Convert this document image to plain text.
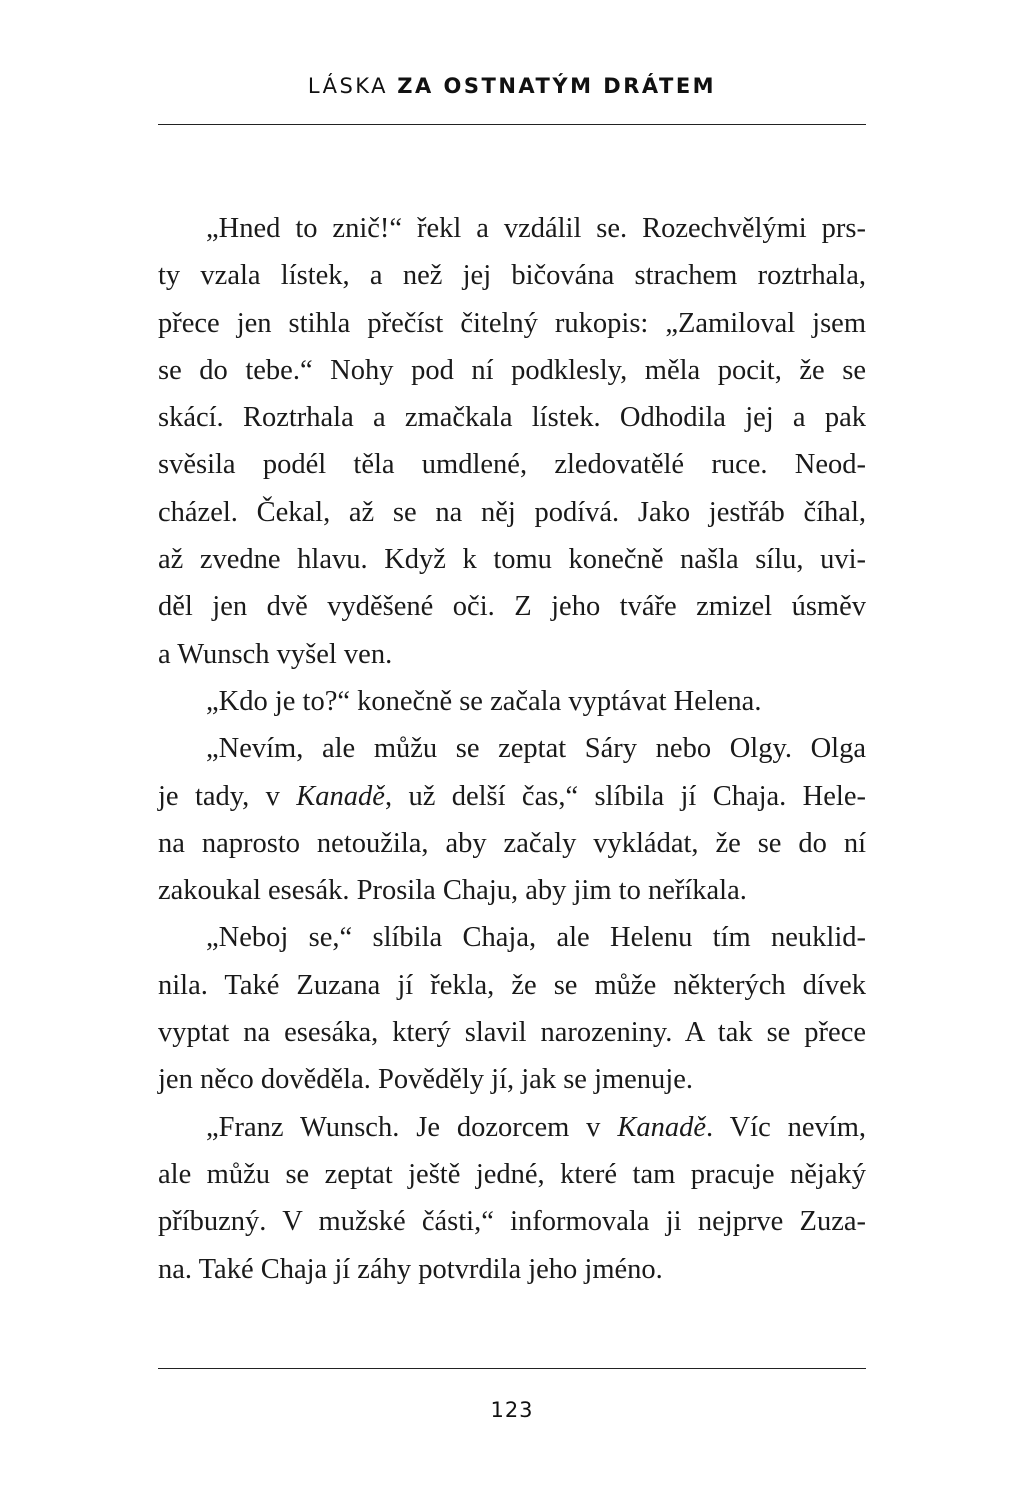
LÁSKA ZA OSTNATÝM DRÁTEM
„Hned to znič!“ řekl a vzdálil se. Rozechvělými prs-
ty vzala lístek, a než jej bičována strachem roztrhala,
přece jen stihla přečíst čitelný rukopis: „Zamiloval jsem
se do tebe.“ Nohy pod ní podklesly, měla pocit, že se
skácí. Roztrhala a zmačkala lístek. Odhodila jej a pak
svěsila podél těla umdlené, zledovatělé ruce. Neod-
cházel. Čekal, až se na něj podívá. Jako jestřáb číhal,
až zvedne hlavu. Když k tomu konečně našla sílu, uvi-
děl jen dvě vyděšené oči. Z jeho tváře zmizel úsměv
a Wunsch vyšel ven.
„Kdo je to?“ konečně se začala vyptávat Helena.
„Nevím, ale můžu se zeptat Sáry nebo Olgy. Olga
je tady, v Kanadě, už delší čas,“ slíbila jí Chaja. Hele-
na naprosto netoužila, aby začaly vykládat, že se do ní
zakoukal esesák. Prosila Chaju, aby jim to neříkala.
„Neboj se,“ slíbila Chaja, ale Helenu tím neuklid-
nila. Také Zuzana jí řekla, že se může některých dívek
vyptat na esesáka, který slavil narozeniny. A tak se přece
jen něco dověděla. Pověděly jí, jak se jmenuje.
„Franz Wunsch. Je dozorcem v Kanadě. Víc nevím,
ale můžu se zeptat ještě jedné, které tam pracuje nějaký
příbuzný. V mužské části,“ informovala ji nejprve Zuza-
na. Také Chaja jí záhy potvrdila jeho jméno.
123
